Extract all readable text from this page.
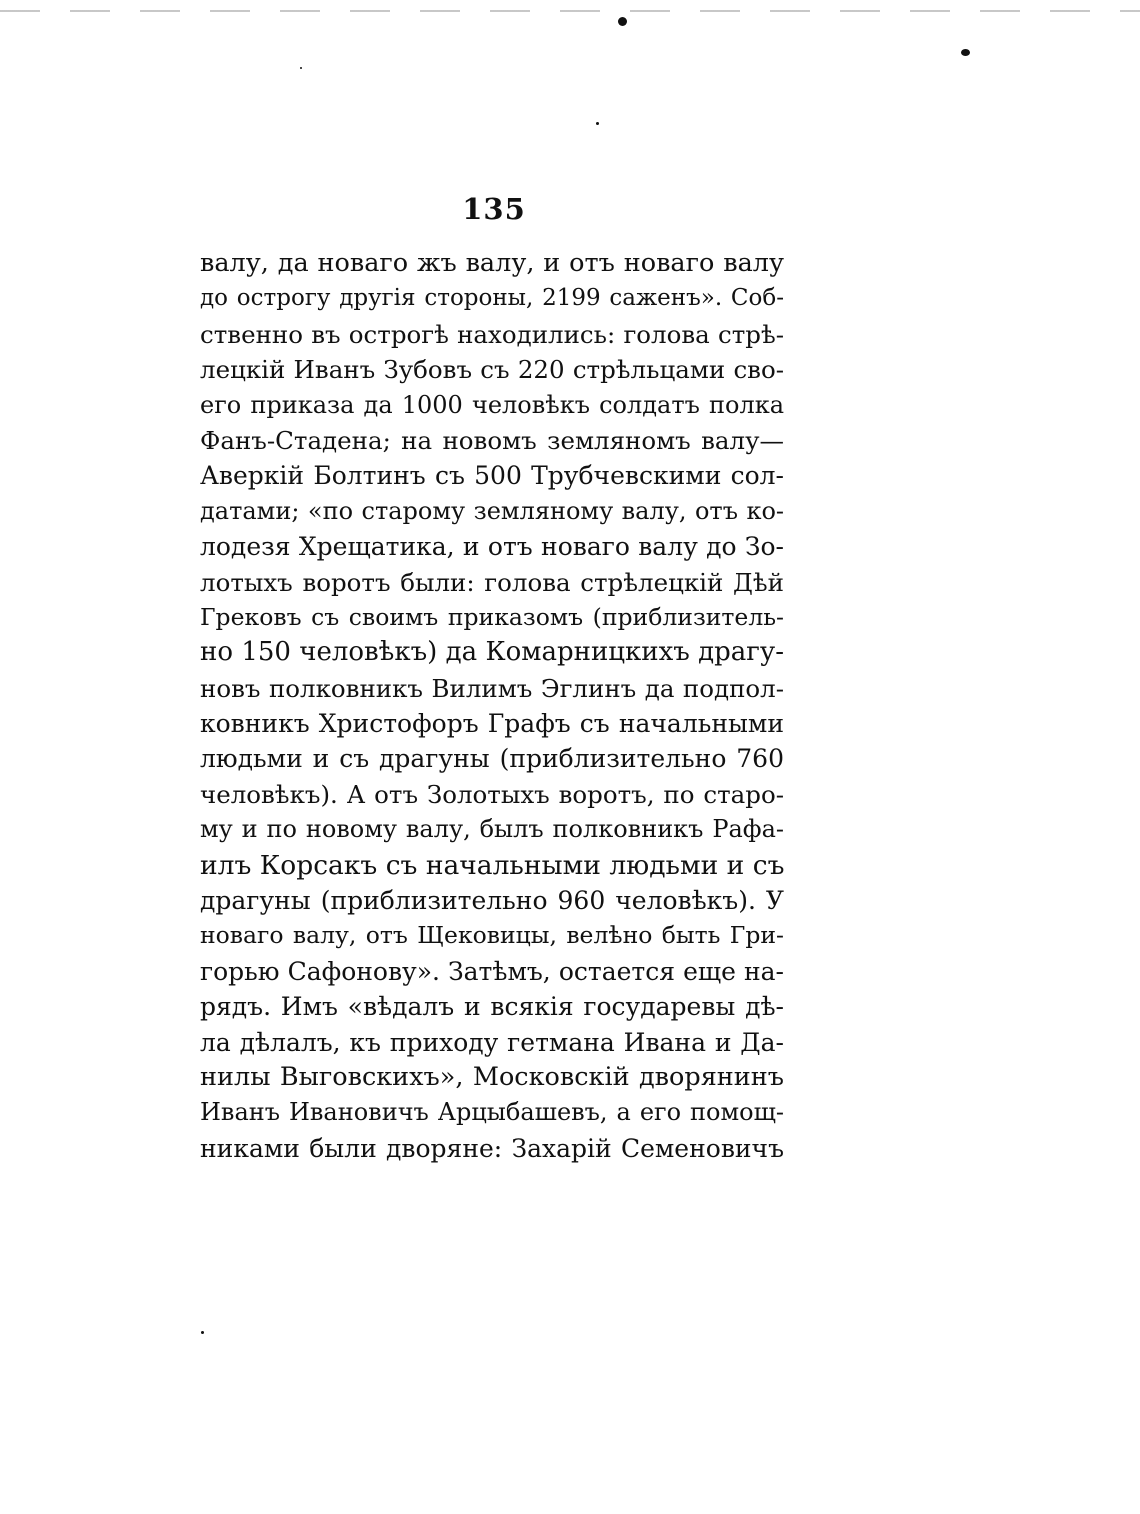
135
валу, да новаго жъ валу, и отъ новаго валу
до острогу другія стороны, 2199 саженъ». Соб-
ственно въ острогѣ находились: голова стрѣ-
лецкій Иванъ Зубовъ съ 220 стрѣльцами сво-
его приказа да 1000 человѣкъ солдатъ полка
Фанъ-Стадена; на новомъ земляномъ валу—
Аверкій Болтинъ съ 500 Трубчевскими сол-
датами; «по старому земляному валу, отъ ко-
лодезя Хрещатика, и отъ новаго валу до Зо-
лотыхъ воротъ были: голова стрѣлецкій Дѣй
Грековъ съ своимъ приказомъ (приблизитель-
но 150 человѣкъ) да Комарницкихъ драгу-
новъ полковникъ Вилимъ Эглинъ да подпол-
ковникъ Христофоръ Графъ съ начальными
людьми и съ драгуны (приблизительно 760
человѣкъ). А отъ Золотыхъ воротъ, по старо-
му и по новому валу, былъ полковникъ Рафа-
илъ Корсакъ съ начальными людьми и съ
драгуны (приблизительно 960 человѣкъ). У
новаго валу, отъ Щековицы, велѣно быть Гри-
горью Сафонову». Затѣмъ, остается еще на-
рядъ. Имъ «вѣдалъ и всякія государевы дѣ-
ла дѣлалъ, къ приходу гетмана Ивана и Да-
нилы Выговскихъ», Московскій дворянинъ
Иванъ Ивановичъ Арцыбашевъ, а его помощ-
никами были дворяне: Захарій Семеновичъ
